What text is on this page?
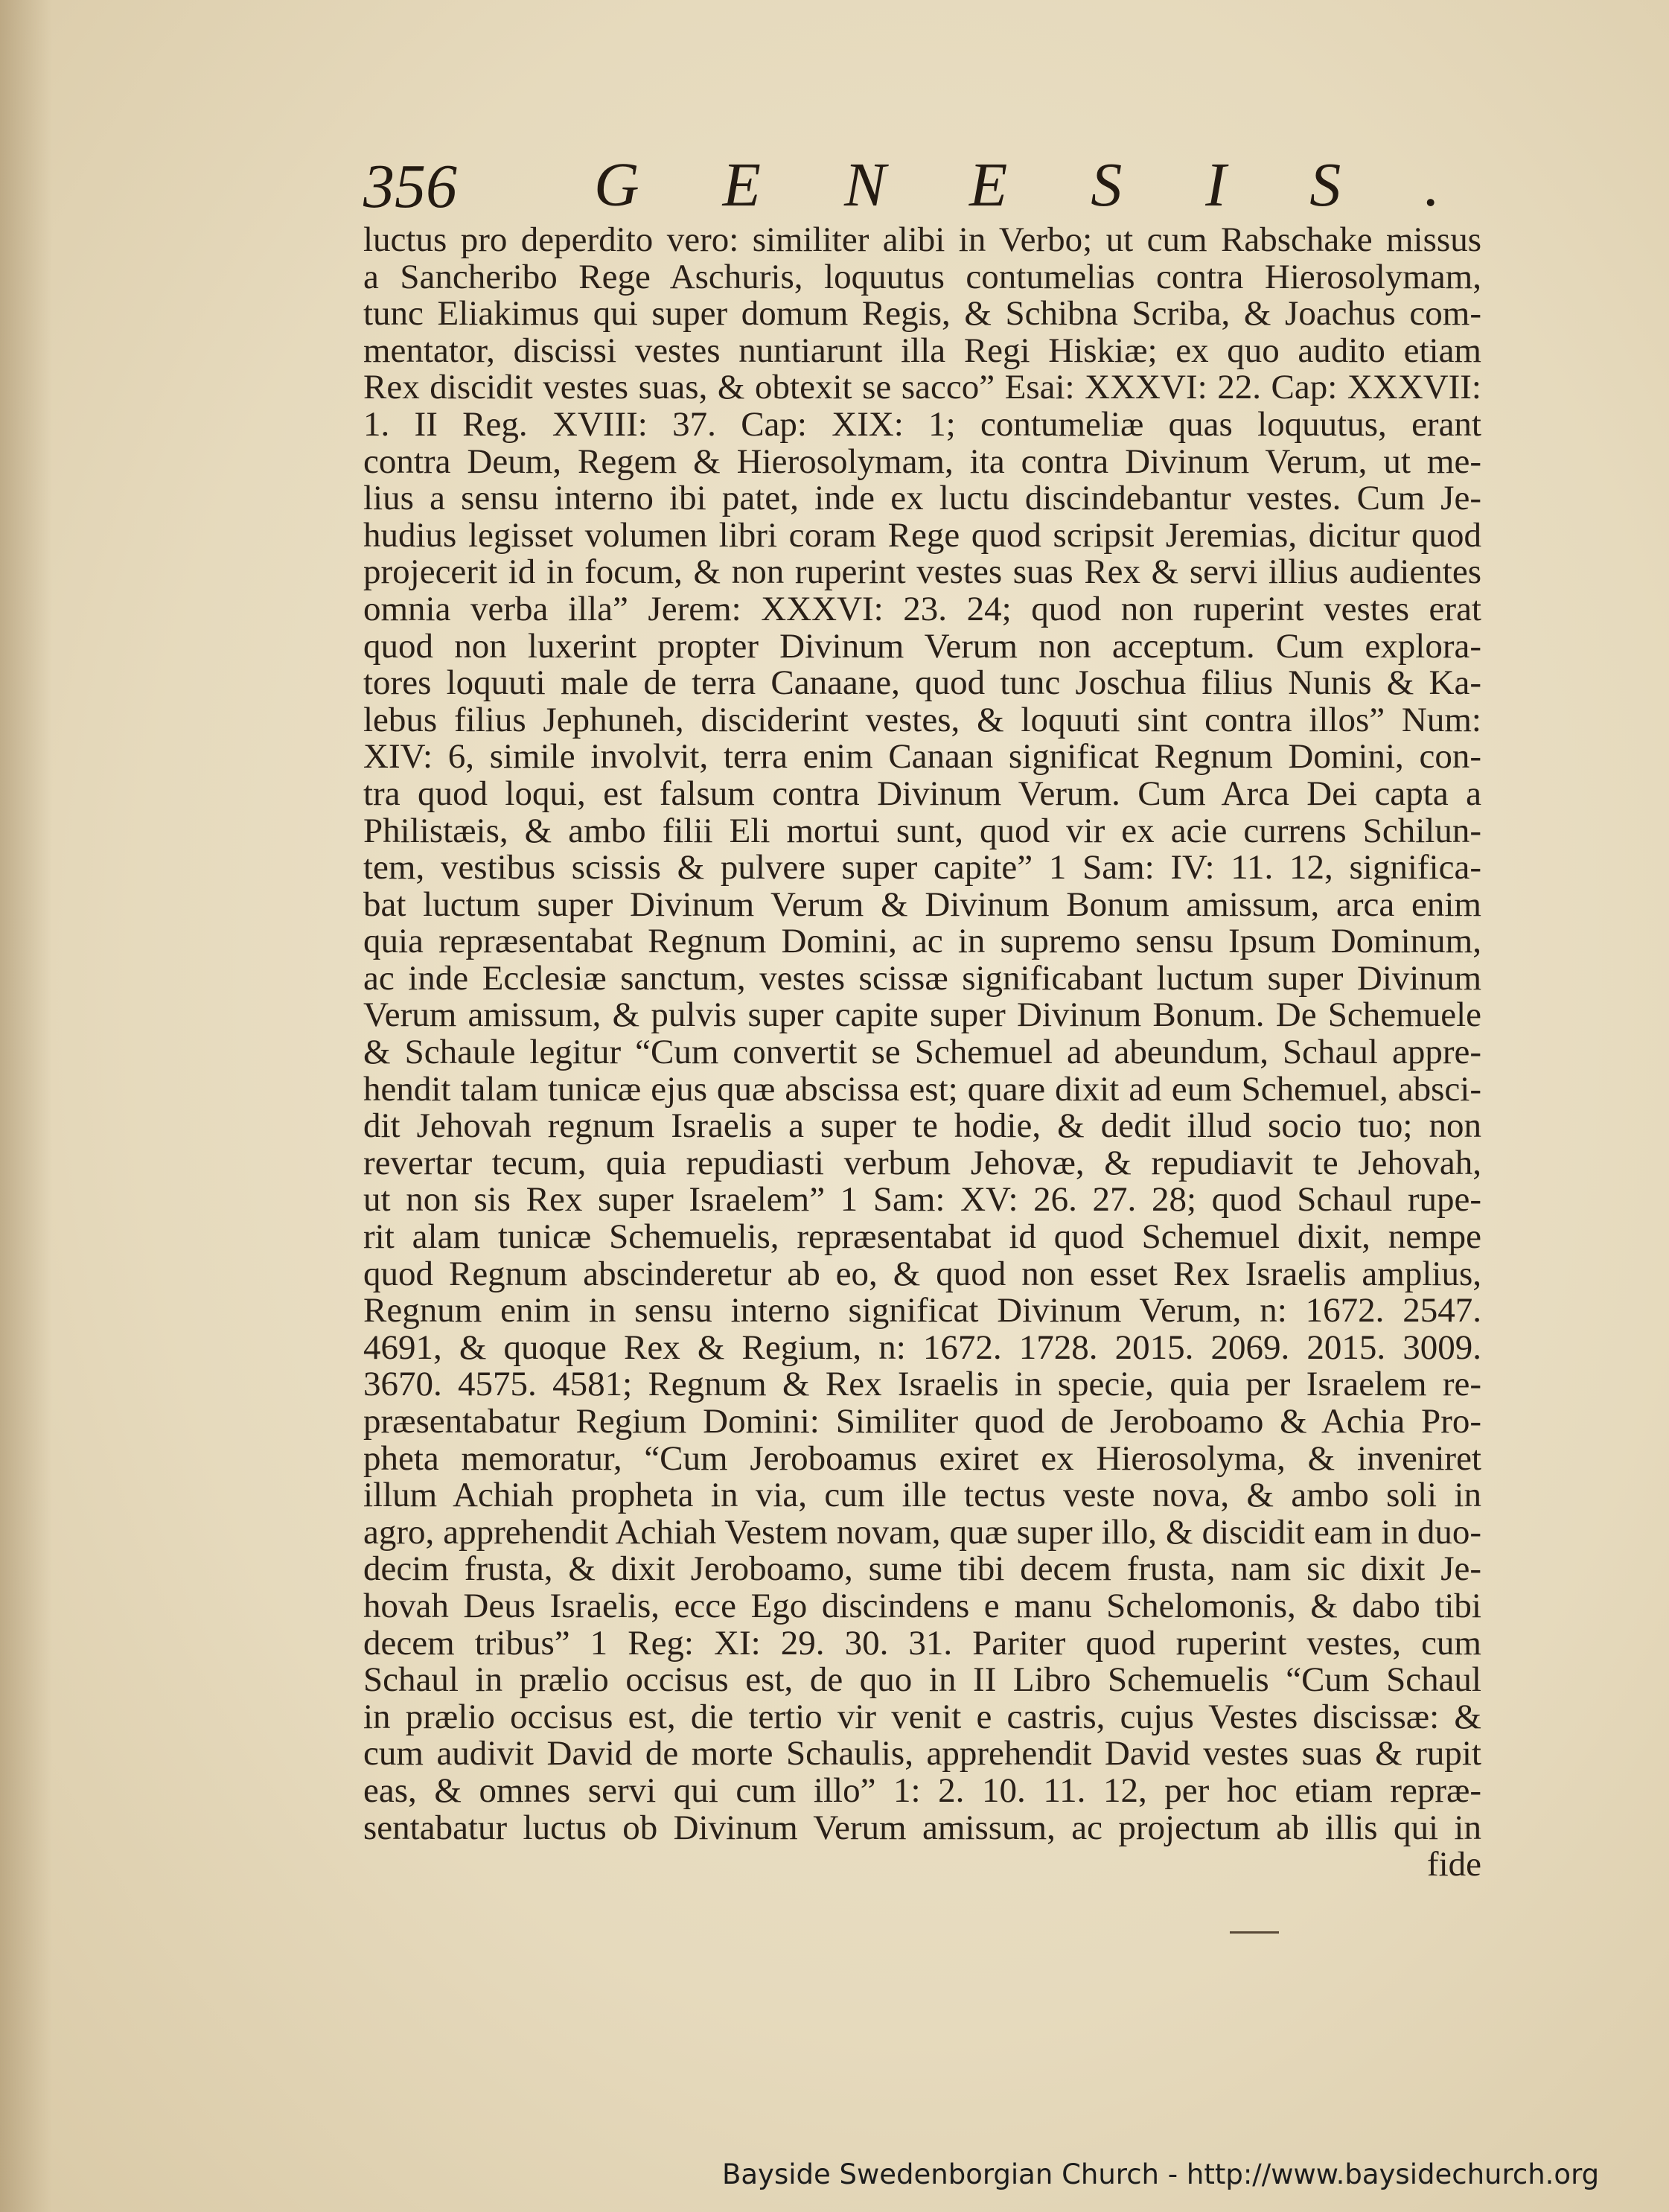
356 GENESIS.
luctus pro deperdito vero: similiter alibi in Verbo; ut cum Rabschake missus
a Sancheribo Rege Aschuris, loquutus contumelias contra Hierosolymam,
tunc Eliakimus qui super domum Regis, & Schibna Scriba, & Joachus com-
mentator, discissi vestes nuntiarunt illa Regi Hiskiæ; ex quo audito etiam
Rex discidit vestes suas, & obtexit se sacco” Esai: XXXVI: 22. Cap: XXXVII:
1. II Reg. XVIII: 37. Cap: XIX: 1; contumeliæ quas loquutus, erant
contra Deum, Regem & Hierosolymam, ita contra Divinum Verum, ut me-
lius a sensu interno ibi patet, inde ex luctu discindebantur vestes. Cum Je-
hudius legisset volumen libri coram Rege quod scripsit Jeremias, dicitur quod
projecerit id in focum, & non ruperint vestes suas Rex & servi illius audientes
omnia verba illa” Jerem: XXXVI: 23. 24; quod non ruperint vestes erat
quod non luxerint propter Divinum Verum non acceptum. Cum explora-
tores loquuti male de terra Canaane, quod tunc Joschua filius Nunis & Ka-
lebus filius Jephuneh, disciderint vestes, & loquuti sint contra illos” Num:
XIV: 6, simile involvit, terra enim Canaan significat Regnum Domini, con-
tra quod loqui, est falsum contra Divinum Verum. Cum Arca Dei capta a
Philistæis, & ambo filii Eli mortui sunt, quod vir ex acie currens Schilun-
tem, vestibus scissis & pulvere super capite” 1 Sam: IV: 11. 12, significa-
bat luctum super Divinum Verum & Divinum Bonum amissum, arca enim
quia repræsentabat Regnum Domini, ac in supremo sensu Ipsum Dominum,
ac inde Ecclesiæ sanctum, vestes scissæ significabant luctum super Divinum
Verum amissum, & pulvis super capite super Divinum Bonum. De Schemuele
& Schaule legitur “Cum convertit se Schemuel ad abeundum, Schaul appre-
hendit talam tunicæ ejus quæ abscissa est; quare dixit ad eum Schemuel, absci-
dit Jehovah regnum Israelis a super te hodie, & dedit illud socio tuo; non
revertar tecum, quia repudiasti verbum Jehovæ, & repudiavit te Jehovah,
ut non sis Rex super Israelem” 1 Sam: XV: 26. 27. 28; quod Schaul rupe-
rit alam tunicæ Schemuelis, repræsentabat id quod Schemuel dixit, nempe
quod Regnum abscinderetur ab eo, & quod non esset Rex Israelis amplius,
Regnum enim in sensu interno significat Divinum Verum, n: 1672. 2547.
4691, & quoque Rex & Regium, n: 1672. 1728. 2015. 2069. 2015. 3009.
3670. 4575. 4581; Regnum & Rex Israelis in specie, quia per Israelem re-
præsentabatur Regium Domini: Similiter quod de Jeroboamo & Achia Pro-
pheta memoratur, “Cum Jeroboamus exiret ex Hierosolyma, & inveniret
illum Achiah propheta in via, cum ille tectus veste nova, & ambo soli in
agro, apprehendit Achiah Vestem novam, quæ super illo, & discidit eam in duo-
decim frusta, & dixit Jeroboamo, sume tibi decem frusta, nam sic dixit Je-
hovah Deus Israelis, ecce Ego discindens e manu Schelomonis, & dabo tibi
decem tribus” 1 Reg: XI: 29. 30. 31. Pariter quod ruperint vestes, cum
Schaul in prælio occisus est, de quo in II Libro Schemuelis “Cum Schaul
in prælio occisus est, die tertio vir venit e castris, cujus Vestes discissæ: &
cum audivit David de morte Schaulis, apprehendit David vestes suas & rupit
eas, & omnes servi qui cum illo” 1: 2. 10. 11. 12, per hoc etiam repræ-
sentabatur luctus ob Divinum Verum amissum, ac projectum ab illis qui in
fide
Bayside Swedenborgian Church - http://www.baysidechurch.org
